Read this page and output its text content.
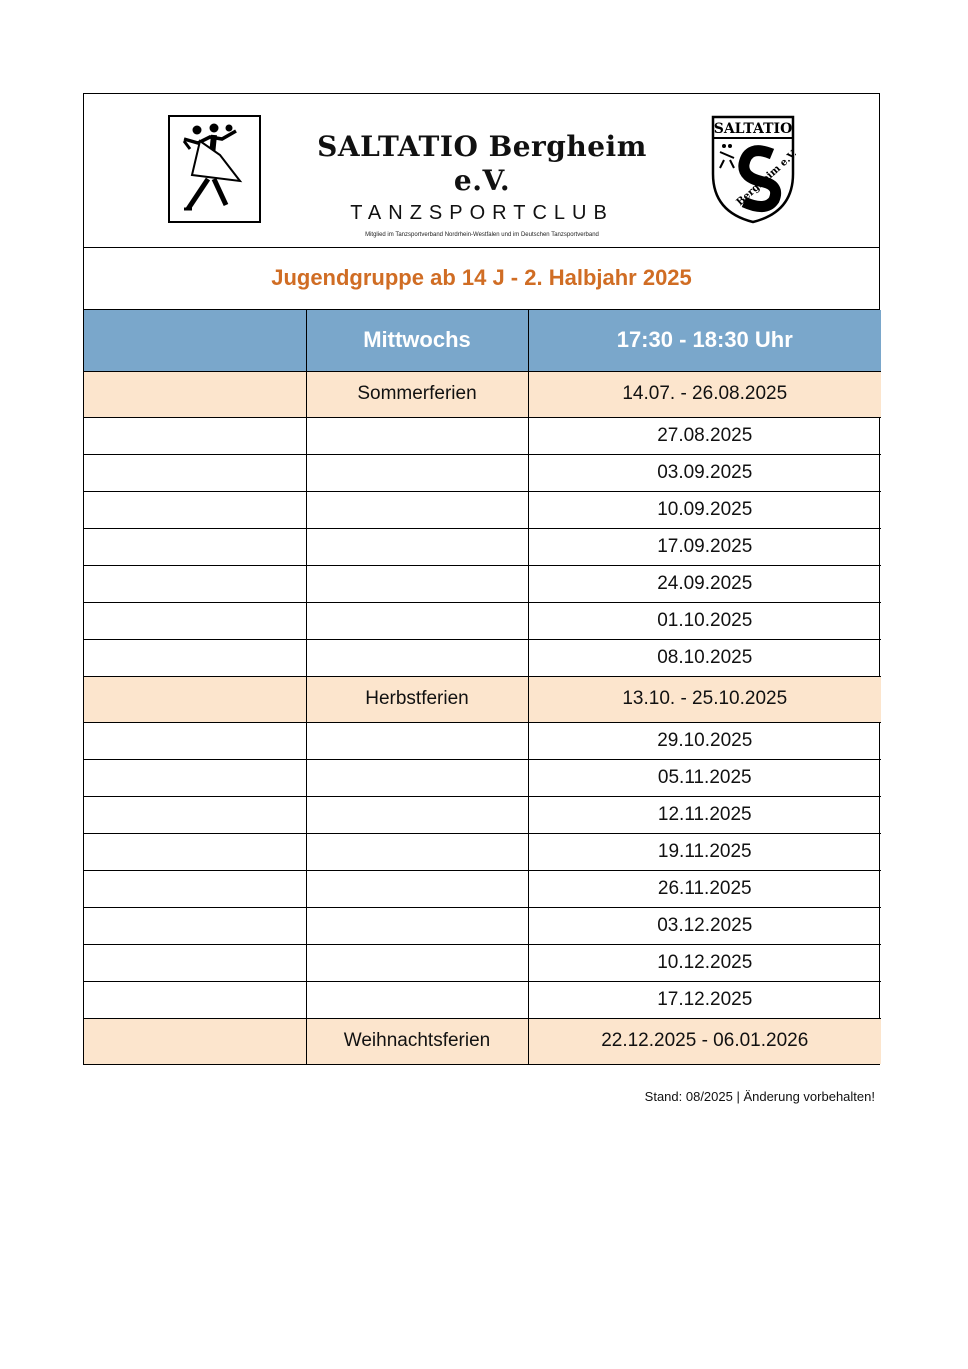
SALTATIO Bergheim e.V.
TANZSPORTCLUB
Mitglied im Tanzsportverband Nordrhein-Westfalen und im Deutschen Tanzsportverband
SALTATIO
Bergheim e.V.
Jugendgruppe ab 14 J - 2. Halbjahr 2025
	Mittwochs	17:30 - 18:30 Uhr
	Sommerferien	14.07. - 26.08.2025
		27.08.2025
		03.09.2025
		10.09.2025
		17.09.2025
		24.09.2025
		01.10.2025
		08.10.2025
	Herbstferien	13.10. - 25.10.2025
		29.10.2025
		05.11.2025
		12.11.2025
		19.11.2025
		26.11.2025
		03.12.2025
		10.12.2025
		17.12.2025
	Weihnachtsferien	22.12.2025 - 06.01.2026
Stand: 08/2025 | Änderung vorbehalten!
